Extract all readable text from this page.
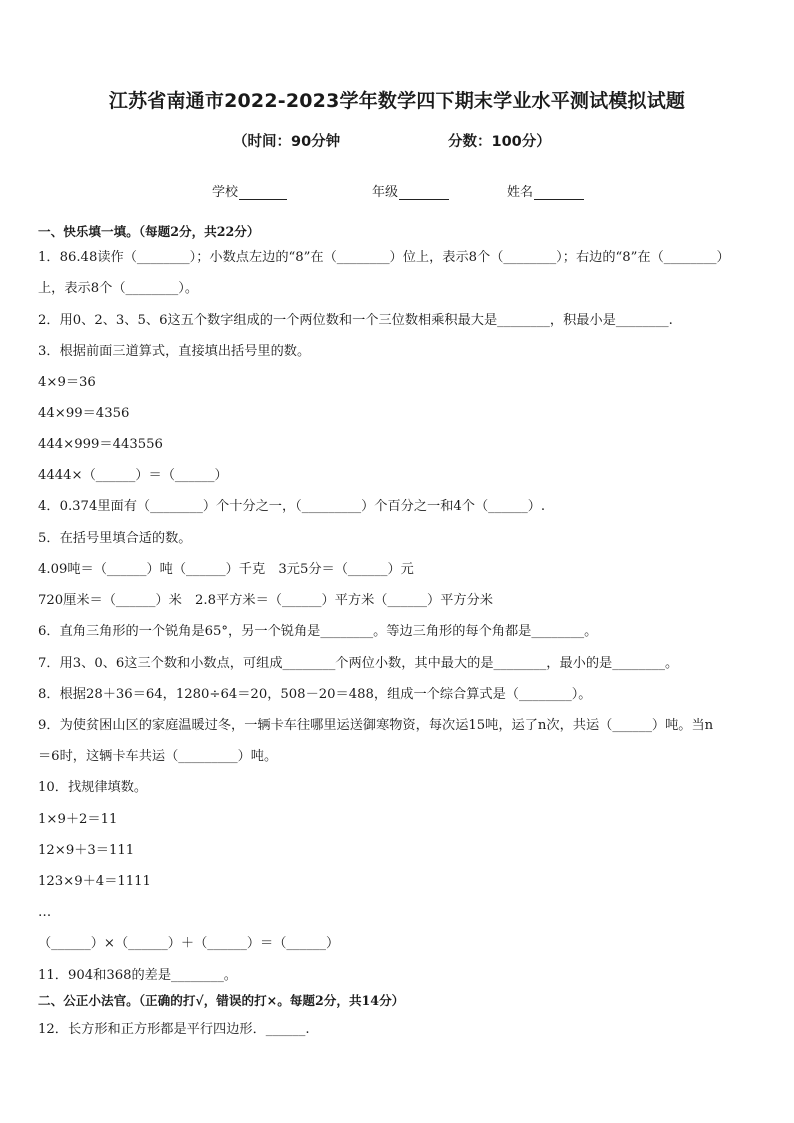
江苏省南通市2022-2023学年数学四下期末学业水平测试模拟试题
（时间：90分钟	分数：100分）
学校	年级	姓名
一、快乐填一填。（每题2分，共22分）
1．86.48读作（________）；小数点左边的“8”在（________）位上，表示8个（________）；右边的“8”在（________）
上，表示8个（________）。
2．用0、2、3、5、6这五个数字组成的一个两位数和一个三位数相乘积最大是________，积最小是________.
3．根据前面三道算式，直接填出括号里的数。
4×9＝36
44×99＝4356
444×999＝443556
4444×（______）＝（______）
4．0.374里面有（________）个十分之一，（_________）个百分之一和4个（______）.
5．在括号里填合适的数。
4.09吨＝（______）吨（______）千克　3元5分＝（______）元
720厘米＝（______）米　2.8平方米＝（______）平方米（______）平方分米
6．直角三角形的一个锐角是65°，另一个锐角是________。等边三角形的每个角都是________。
7．用3、0、6这三个数和小数点，可组成________个两位小数，其中最大的是________，最小的是________。
8．根据28＋36＝64，1280÷64＝20，508－20＝488，组成一个综合算式是（________）。
9．为使贫困山区的家庭温暖过冬，一辆卡车往哪里运送御寒物资，每次运15吨，运了n次，共运（______）吨。当n
＝6时，这辆卡车共运（_________）吨。
10．找规律填数。
1×9＋2＝11
12×9＋3＝111
123×9＋4＝1111
…
（______）×（______）＋（______）＝（______）
11．904和368的差是________。
二、公正小法官。（正确的打√，错误的打×。每题2分，共14分）
12．长方形和正方形都是平行四边形．______.
